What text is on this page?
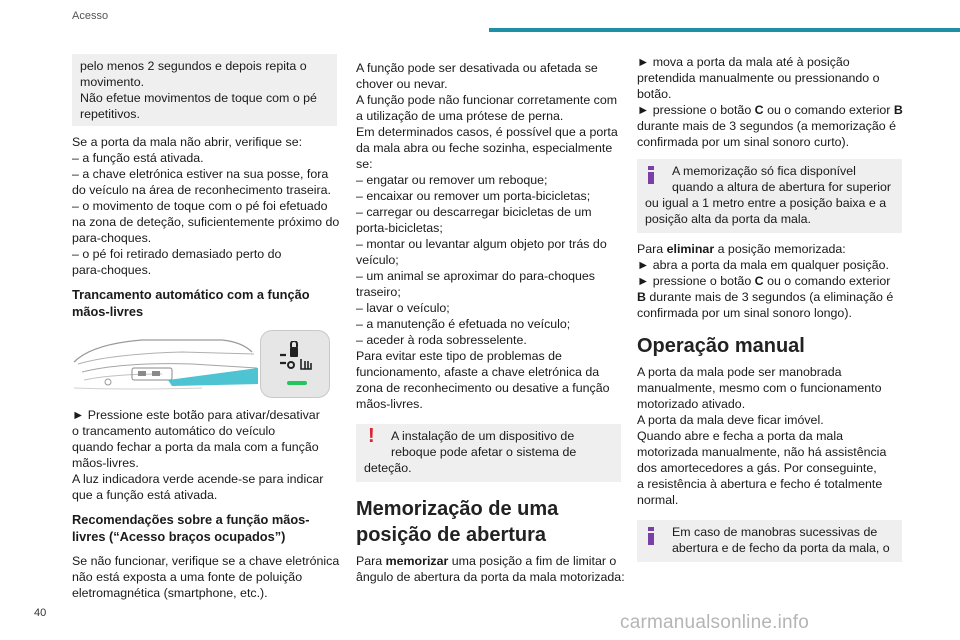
Acesso
pelo menos 2 segundos e depois repita o
movimento.
Não efetue movimentos de toque com o pé
repetitivos.
Se a porta da mala não abrir, verifique se:
– a função está ativada.
– a chave eletrónica estiver na sua posse, fora
do veículo na área de reconhecimento traseira.
– o movimento de toque com o pé foi efetuado
na zona de deteção, suficientemente próximo do
para-choques.
– o pé foi retirado demasiado perto do
para-choques.
Trancamento automático com a função
mãos-livres
► Pressione este botão para ativar/desativar
o trancamento automático do veículo
quando fechar a porta da mala com a função
mãos-livres.
A luz indicadora verde acende-se para indicar
que a função está ativada.
Recomendações sobre a função mãos-
livres (“Acesso braços ocupados”)
Se não funcionar, verifique se a chave eletrónica
não está exposta a uma fonte de poluição
eletromagnética (smartphone, etc.).
A função pode ser desativada ou afetada se
chover ou nevar.
A função pode não funcionar corretamente com
a utilização de uma prótese de perna.
Em determinados casos, é possível que a porta
da mala abra ou feche sozinha, especialmente
se:
– engatar ou remover um reboque;
– encaixar ou remover um porta-bicicletas;
– carregar ou descarregar bicicletas de um
porta-bicicletas;
– montar ou levantar algum objeto por trás do
veículo;
– um animal se aproximar do para-choques
traseiro;
– lavar o veículo;
– a manutenção é efetuada no veículo;
– aceder à roda sobresselente.
Para evitar este tipo de problemas de
funcionamento, afaste a chave eletrónica da
zona de reconhecimento ou desative a função
mãos-livres.
!	A instalação de um dispositivo de
reboque pode afetar o sistema de
deteção.
Memorização de uma
posição de abertura
Para memorizar uma posição a fim de limitar o
ângulo de abertura da porta da mala motorizada:
► mova a porta da mala até à posição
pretendida manualmente ou pressionando o
botão.
► pressione o botão C ou o comando exterior B
durante mais de 3 segundos (a memorização é
confirmada por um sinal sonoro curto).
A memorização só fica disponível
quando a altura de abertura for superior
ou igual a 1 metro entre a posição baixa e a
posição alta da porta da mala.
Para eliminar a posição memorizada:
► abra a porta da mala em qualquer posição.
► pressione o botão C ou o comando exterior
B durante mais de 3 segundos (a eliminação é
confirmada por um sinal sonoro longo).
Operação manual
A porta da mala pode ser manobrada
manualmente, mesmo com o funcionamento
motorizado ativado.
A porta da mala deve ficar imóvel.
Quando abre e fecha a porta da mala
motorizada manualmente, não há assistência
dos amortecedores a gás. Por conseguinte,
a resistência à abertura e fecho é totalmente
normal.
Em caso de manobras sucessivas de
abertura e de fecho da porta da mala, o
40	carmanualsonline.info
